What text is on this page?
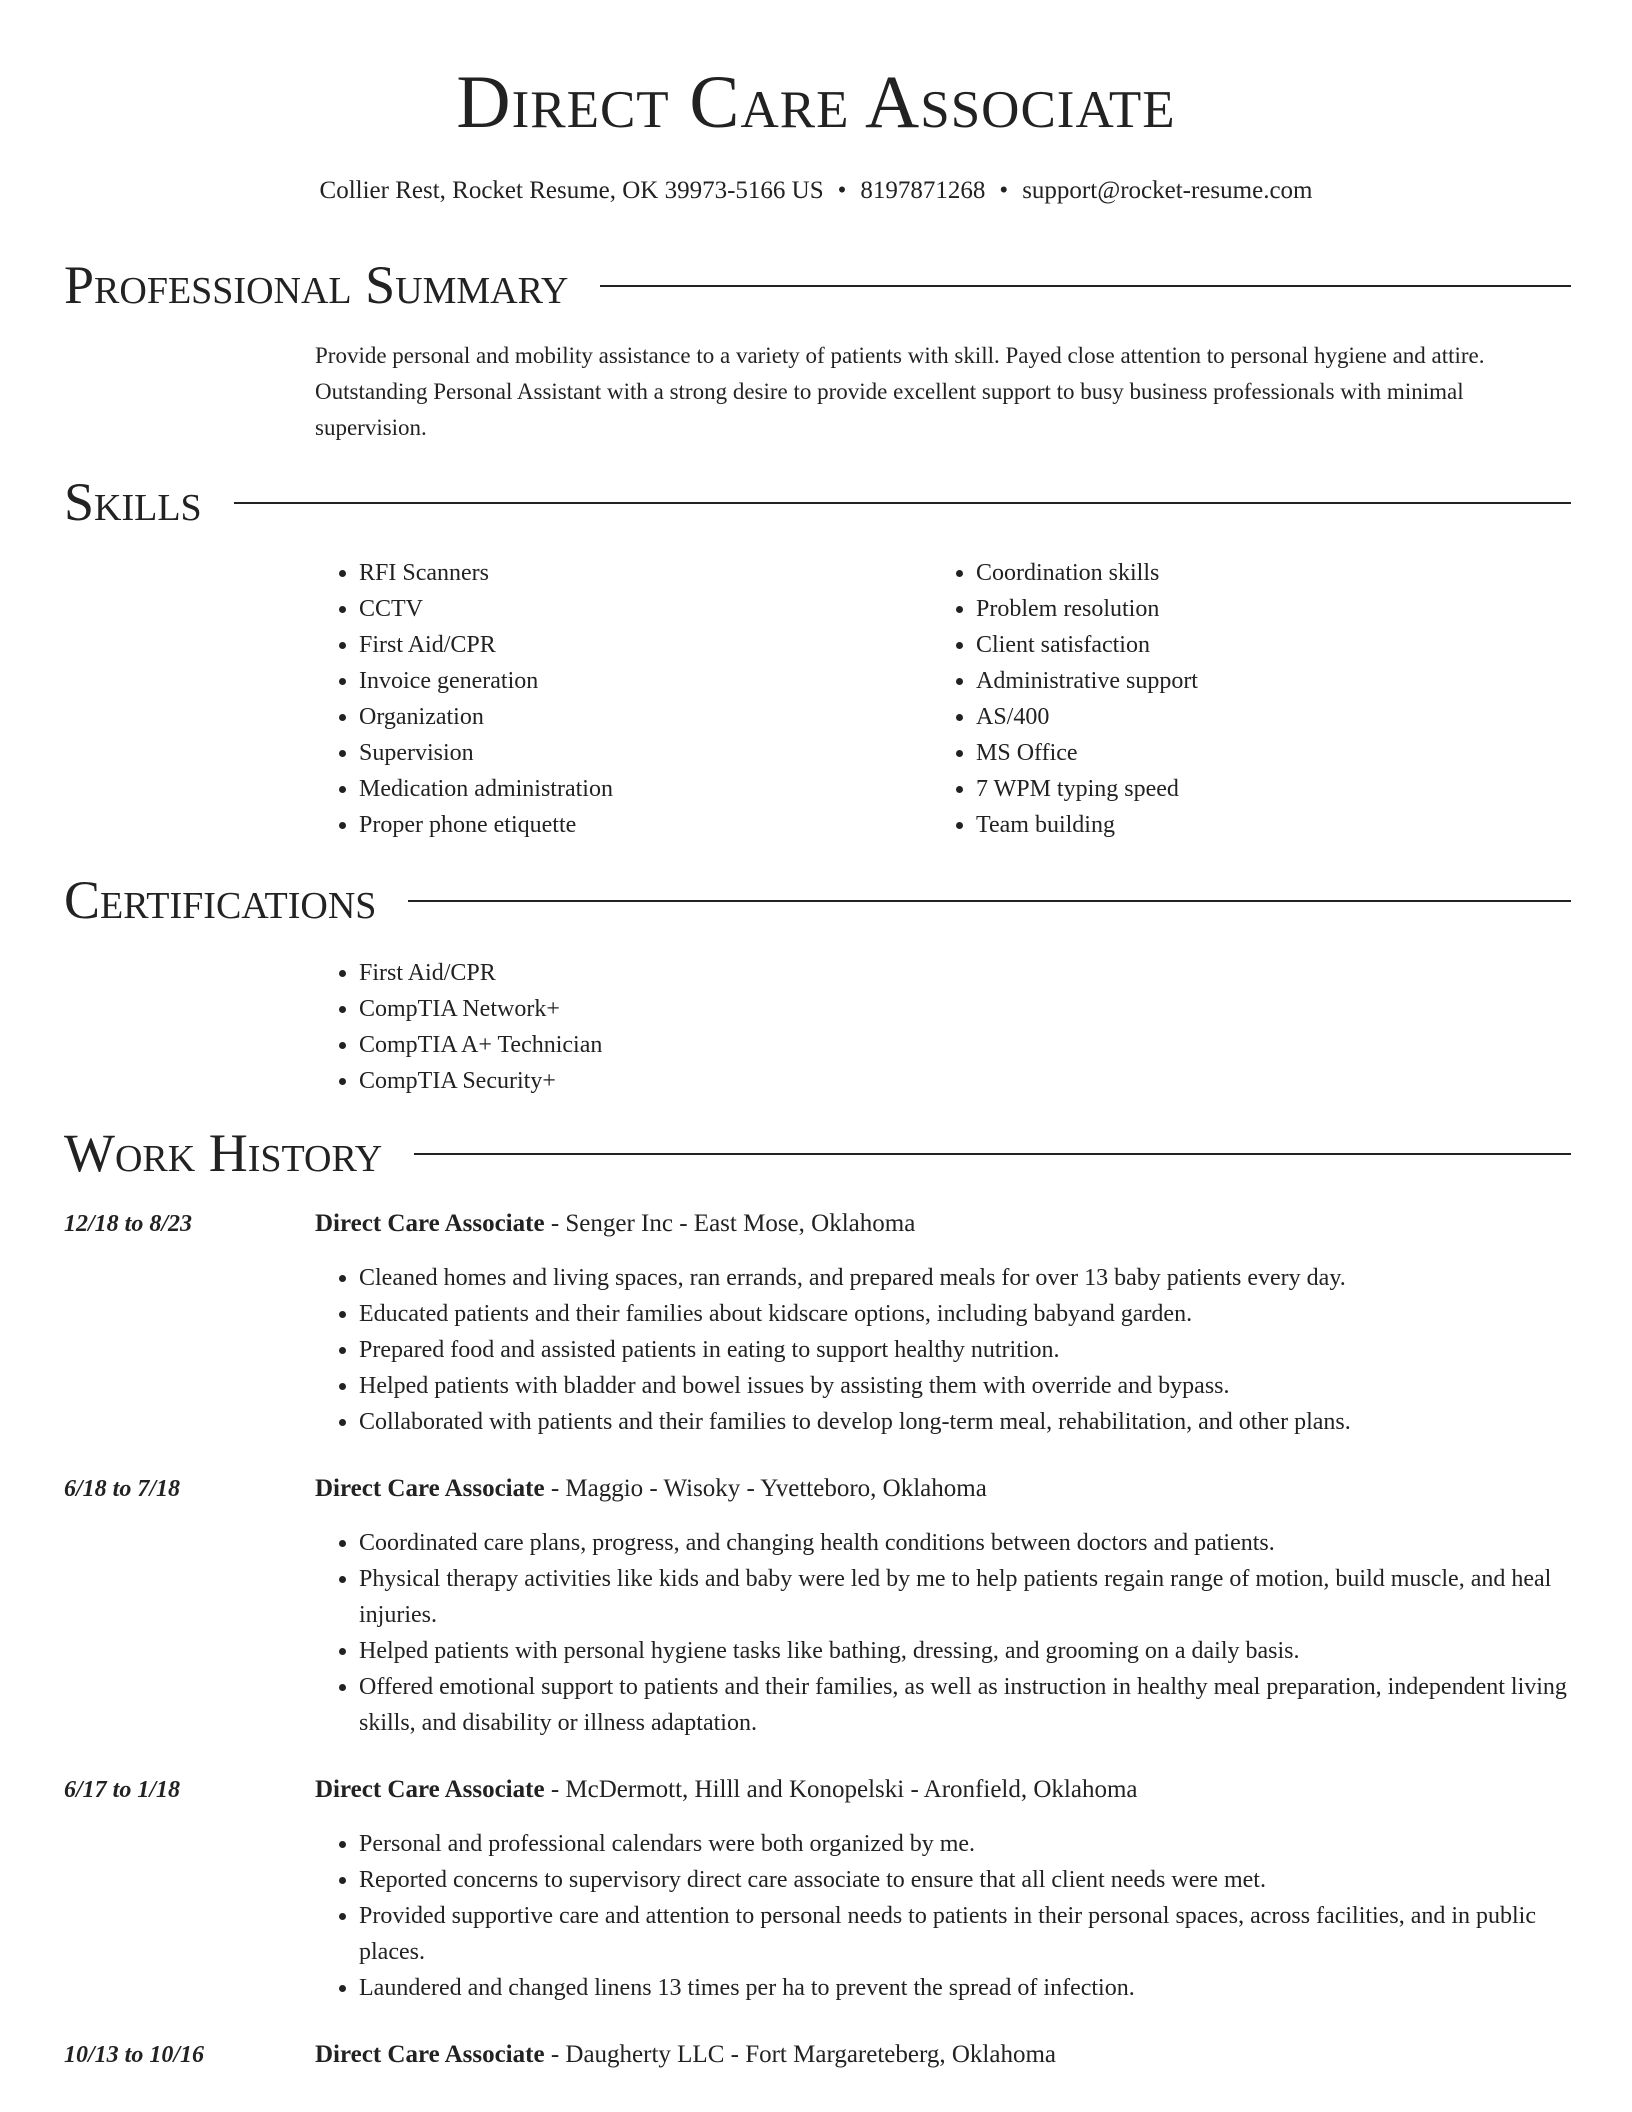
Direct Care Associate
Collier Rest, Rocket Resume, OK 39973-5166 US • 8197871268 • support@rocket-resume.com
Professional Summary

Provide personal and mobility assistance to a variety of patients with skill. Payed close attention to personal hygiene and attire. Outstanding Personal Assistant with a strong desire to provide excellent support to busy business professionals with minimal supervision.

Skills
• RFI Scanners
• CCTV
• First Aid/CPR
• Invoice generation
• Organization
• Supervision
• Medication administration
• Proper phone etiquette
• Coordination skills
• Problem resolution
• Client satisfaction
• Administrative support
• AS/400
• MS Office
• 7 WPM typing speed
• Team building
Certifications
• First Aid/CPR
• CompTIA Network+
• CompTIA A+ Technician
• CompTIA Security+
Work History
12/18 to 8/23	Direct Care Associate - Senger Inc - East Mose, Oklahoma
• Cleaned homes and living spaces, ran errands, and prepared meals for over 13 baby patients every day.
• Educated patients and their families about kidscare options, including babyand garden.
• Prepared food and assisted patients in eating to support healthy nutrition.
• Helped patients with bladder and bowel issues by assisting them with override and bypass.
• Collaborated with patients and their families to develop long-term meal, rehabilitation, and other plans.
6/18 to 7/18	Direct Care Associate - Maggio - Wisoky - Yvetteboro, Oklahoma
• Coordinated care plans, progress, and changing health conditions between doctors and patients.
• Physical therapy activities like kids and baby were led by me to help patients regain range of motion, build muscle, and heal injuries.
• Helped patients with personal hygiene tasks like bathing, dressing, and grooming on a daily basis.
• Offered emotional support to patients and their families, as well as instruction in healthy meal preparation, independent living skills, and disability or illness adaptation.
6/17 to 1/18	Direct Care Associate - McDermott, Hilll and Konopelski - Aronfield, Oklahoma
• Personal and professional calendars were both organized by me.
• Reported concerns to supervisory direct care associate to ensure that all client needs were met.
• Provided supportive care and attention to personal needs to patients in their personal spaces, across facilities, and in public places.
• Laundered and changed linens 13 times per ha to prevent the spread of infection.
10/13 to 10/16	Direct Care Associate - Daugherty LLC - Fort Margareteberg, Oklahoma
